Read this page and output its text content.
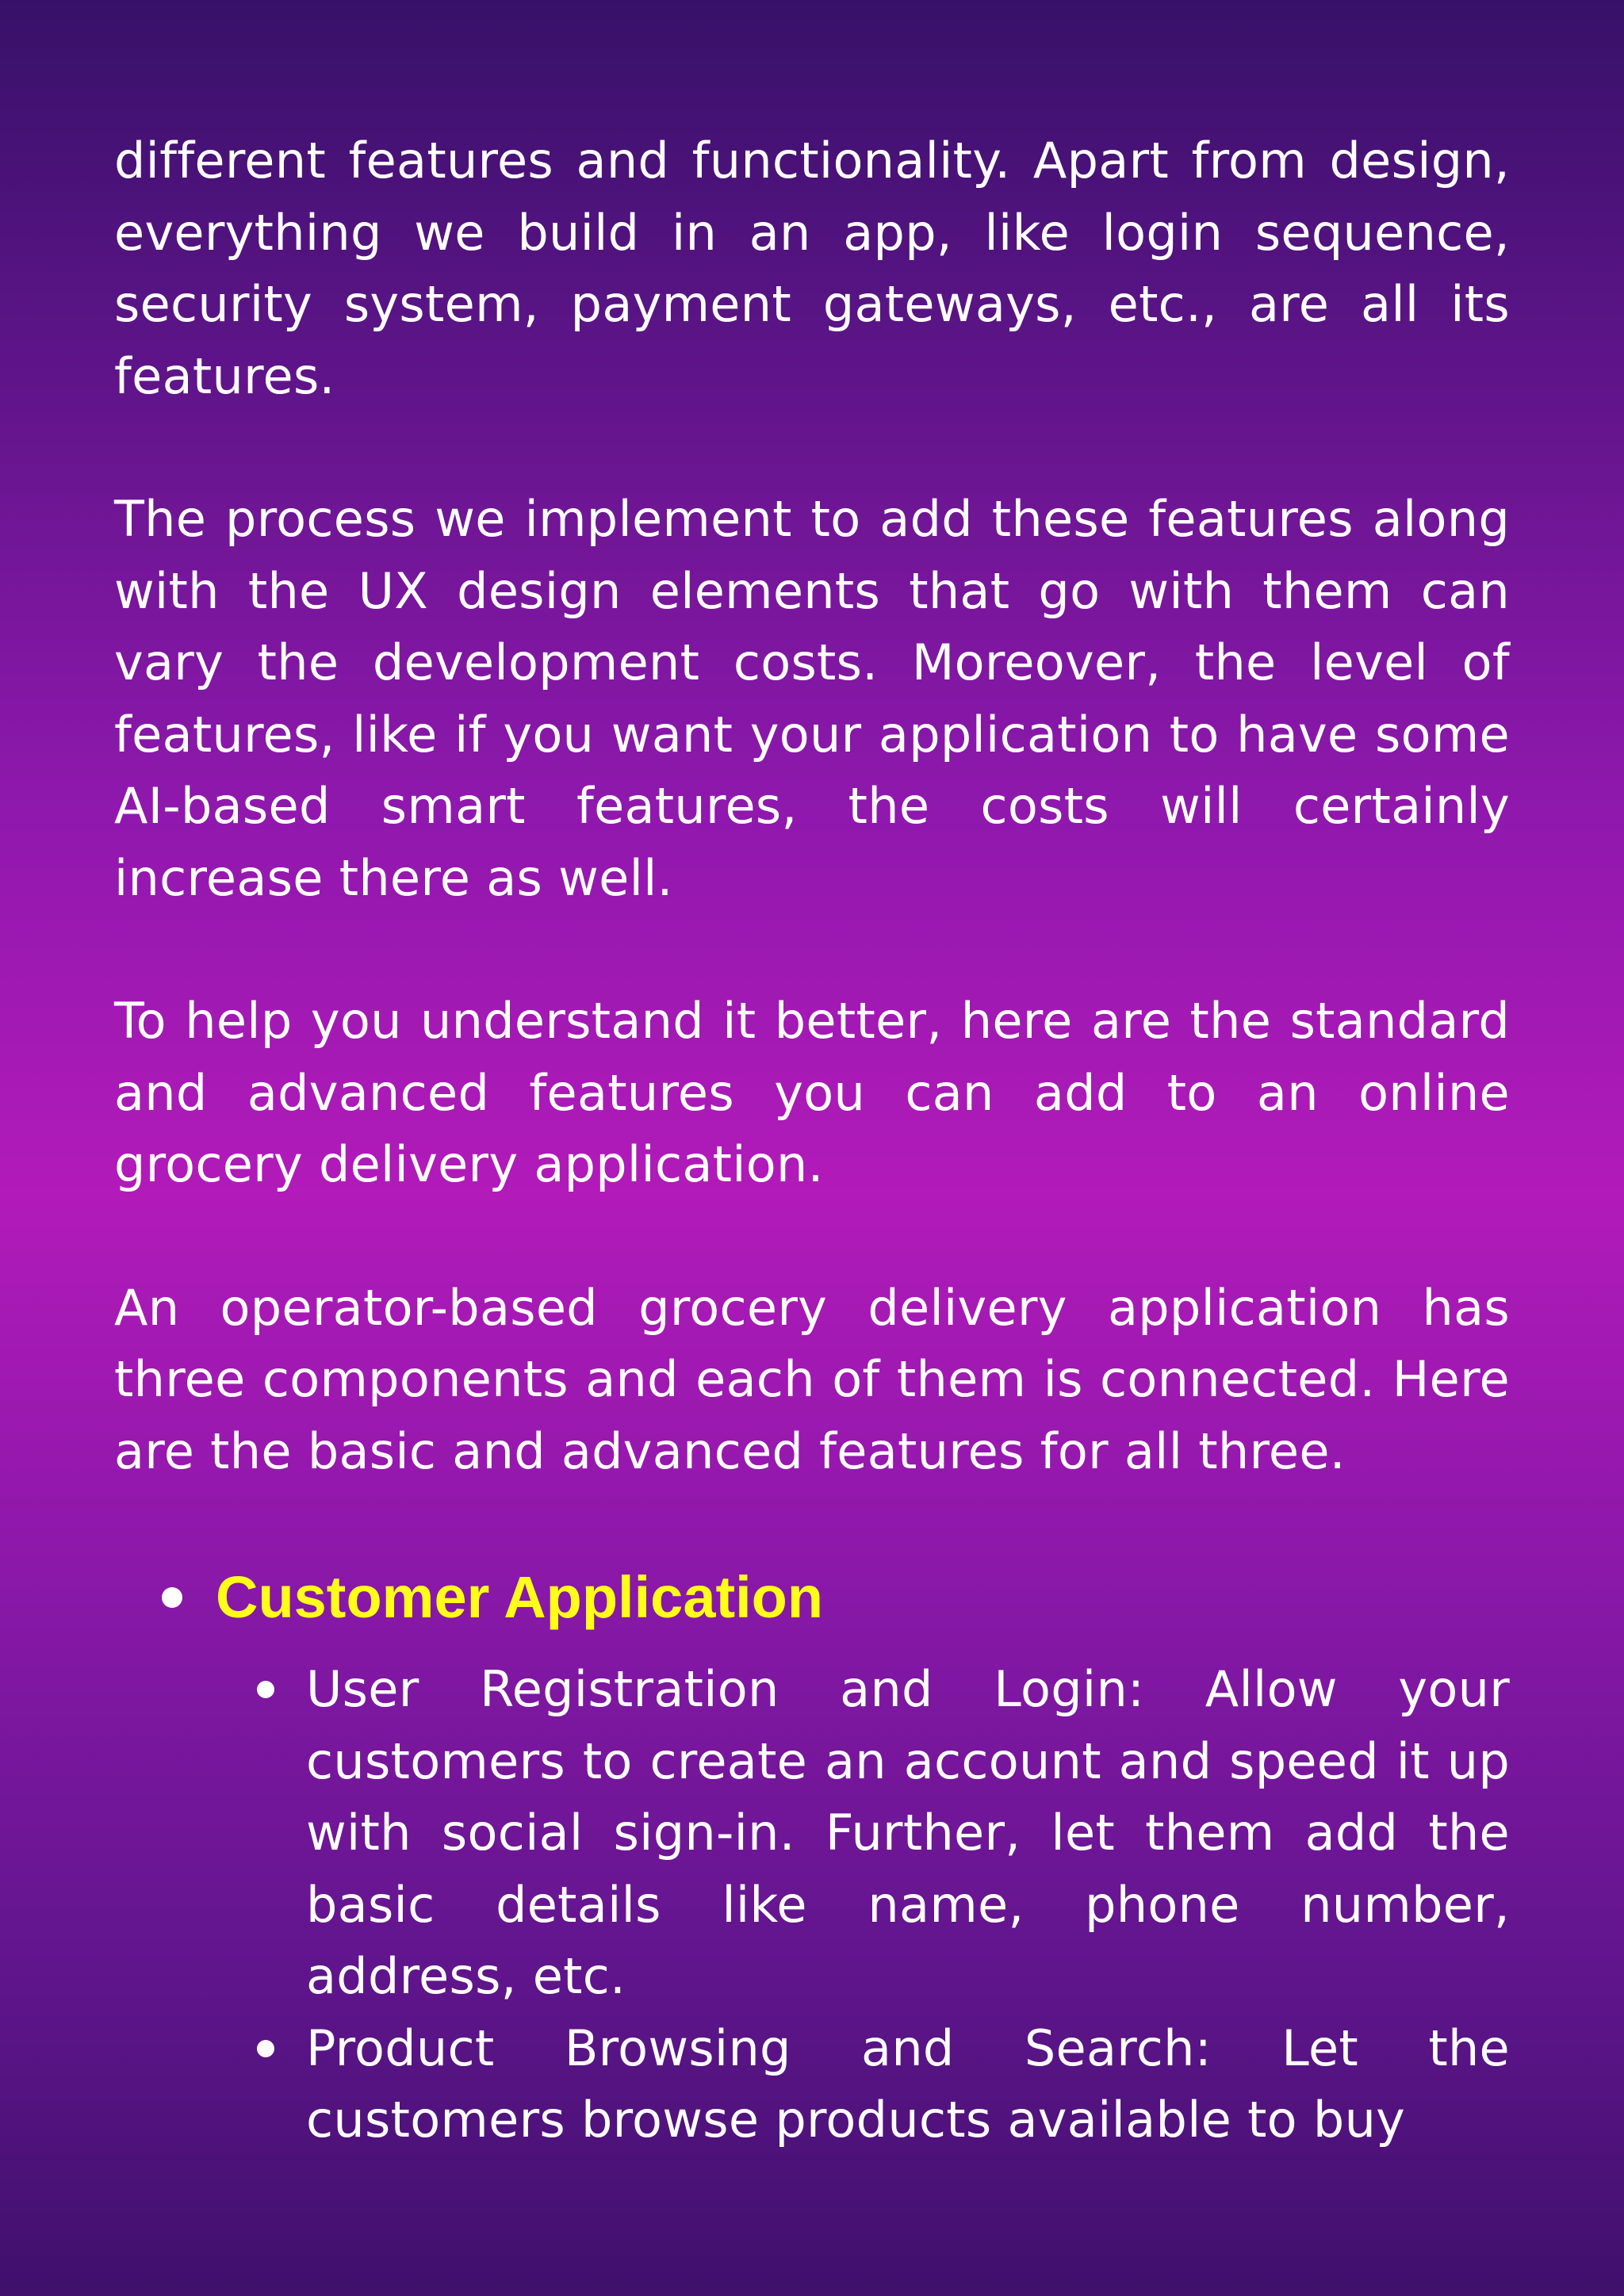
different features and functionality. Apart from design, everything we build in an app, like login sequence, security system, payment gateways, etc., are all its features.

The process we implement to add these features along with the UX design elements that go with them can vary the development costs. Moreover, the level of features, like if you want your application to have some AI-based smart features, the costs will certainly increase there as well.

To help you understand it better, here are the standard and advanced features you can add to an online grocery delivery application.

An operator-based grocery delivery application has three components and each of them is connected. Here are the basic and advanced features for all three.

Customer Application

User Registration and Login: Allow your customers to create an account and speed it up with social sign-in. Further, let them add the basic details like name, phone number, address, etc.

Product Browsing and Search: Let the customers browse products available to buy
